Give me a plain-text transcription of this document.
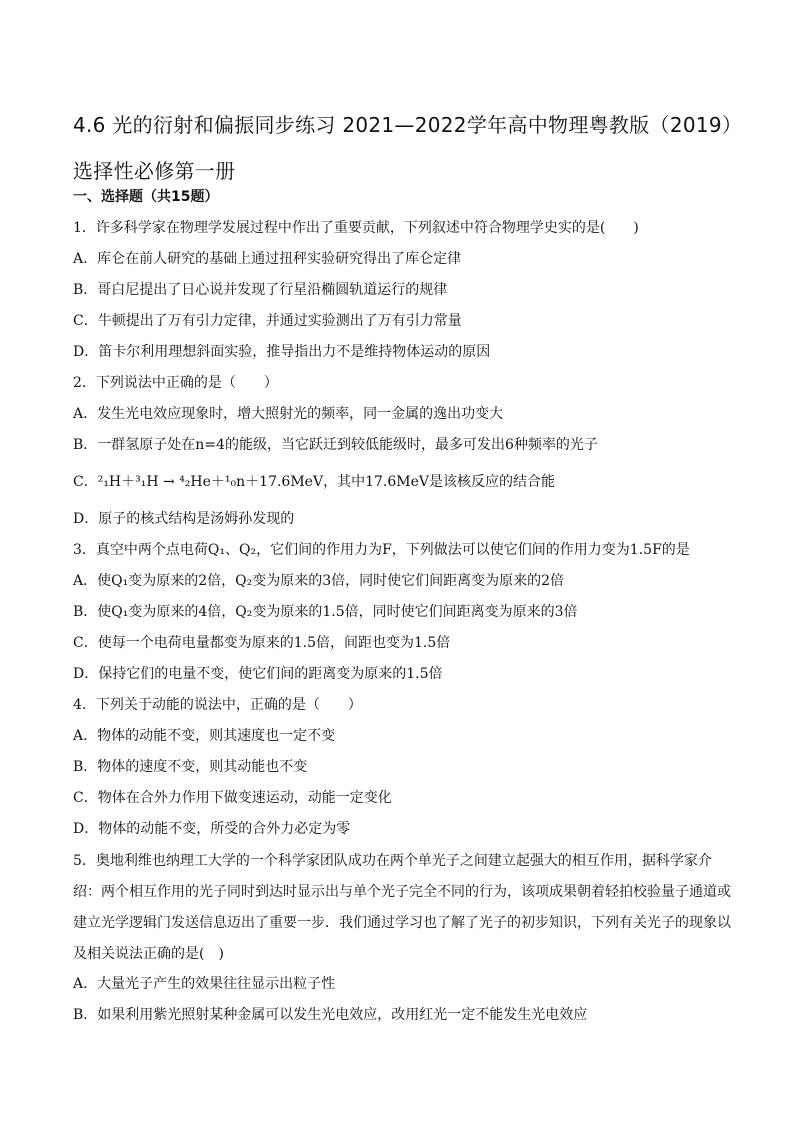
4.6 光的衍射和偏振同步练习 2021—2022学年高中物理粤教版（2019）选择性必修第一册
一、选择题（共15题）
1．许多科学家在物理学发展过程中作出了重要贡献，下列叙述中符合物理学史实的是(　　)
A．库仑在前人研究的基础上通过扭秤实验研究得出了库仑定律
B．哥白尼提出了日心说并发现了行星沿椭圆轨道运行的规律
C．牛顿提出了万有引力定律，并通过实验测出了万有引力常量
D．笛卡尔利用理想斜面实验，推导指出力不是维持物体运动的原因
2．下列说法中正确的是（　　）
A．发生光电效应现象时，增大照射光的频率，同一金属的逸出功变大
B．一群氢原子处在n=4的能级，当它跃迁到较低能级时，最多可发出6种频率的光子
C．²₁H＋³₁H → ⁴₂He＋¹₀n＋17.6MeV，其中17.6MeV是该核反应的结合能
D．原子的核式结构是汤姆孙发现的
3．真空中两个点电荷Q₁、Q₂，它们间的作用力为F，下列做法可以使它们间的作用力变为1.5F的是
A．使Q₁变为原来的2倍，Q₂变为原来的3倍，同时使它们间距离变为原来的2倍
B．使Q₁变为原来的4倍，Q₂变为原来的1.5倍，同时使它们间距离变为原来的3倍
C．使每一个电荷电量都变为原来的1.5倍，间距也变为1.5倍
D．保持它们的电量不变，使它们间的距离变为原来的1.5倍
4．下列关于动能的说法中，正确的是（　　）
A．物体的动能不变，则其速度也一定不变
B．物体的速度不变，则其动能也不变
C．物体在合外力作用下做变速运动，动能一定变化
D．物体的动能不变，所受的合外力必定为零
5．奥地利维也纳理工大学的一个科学家团队成功在两个单光子之间建立起强大的相互作用，据科学家介绍：两个相互作用的光子同时到达时显示出与单个光子完全不同的行为，该项成果朝着轻拍校验量子通道或建立光学逻辑门发送信息迈出了重要一步．我们通过学习也了解了光子的初步知识，下列有关光子的现象以及相关说法正确的是(　)
A．大量光子产生的效果往往显示出粒子性
B．如果利用紫光照射某种金属可以发生光电效应，改用红光一定不能发生光电效应
